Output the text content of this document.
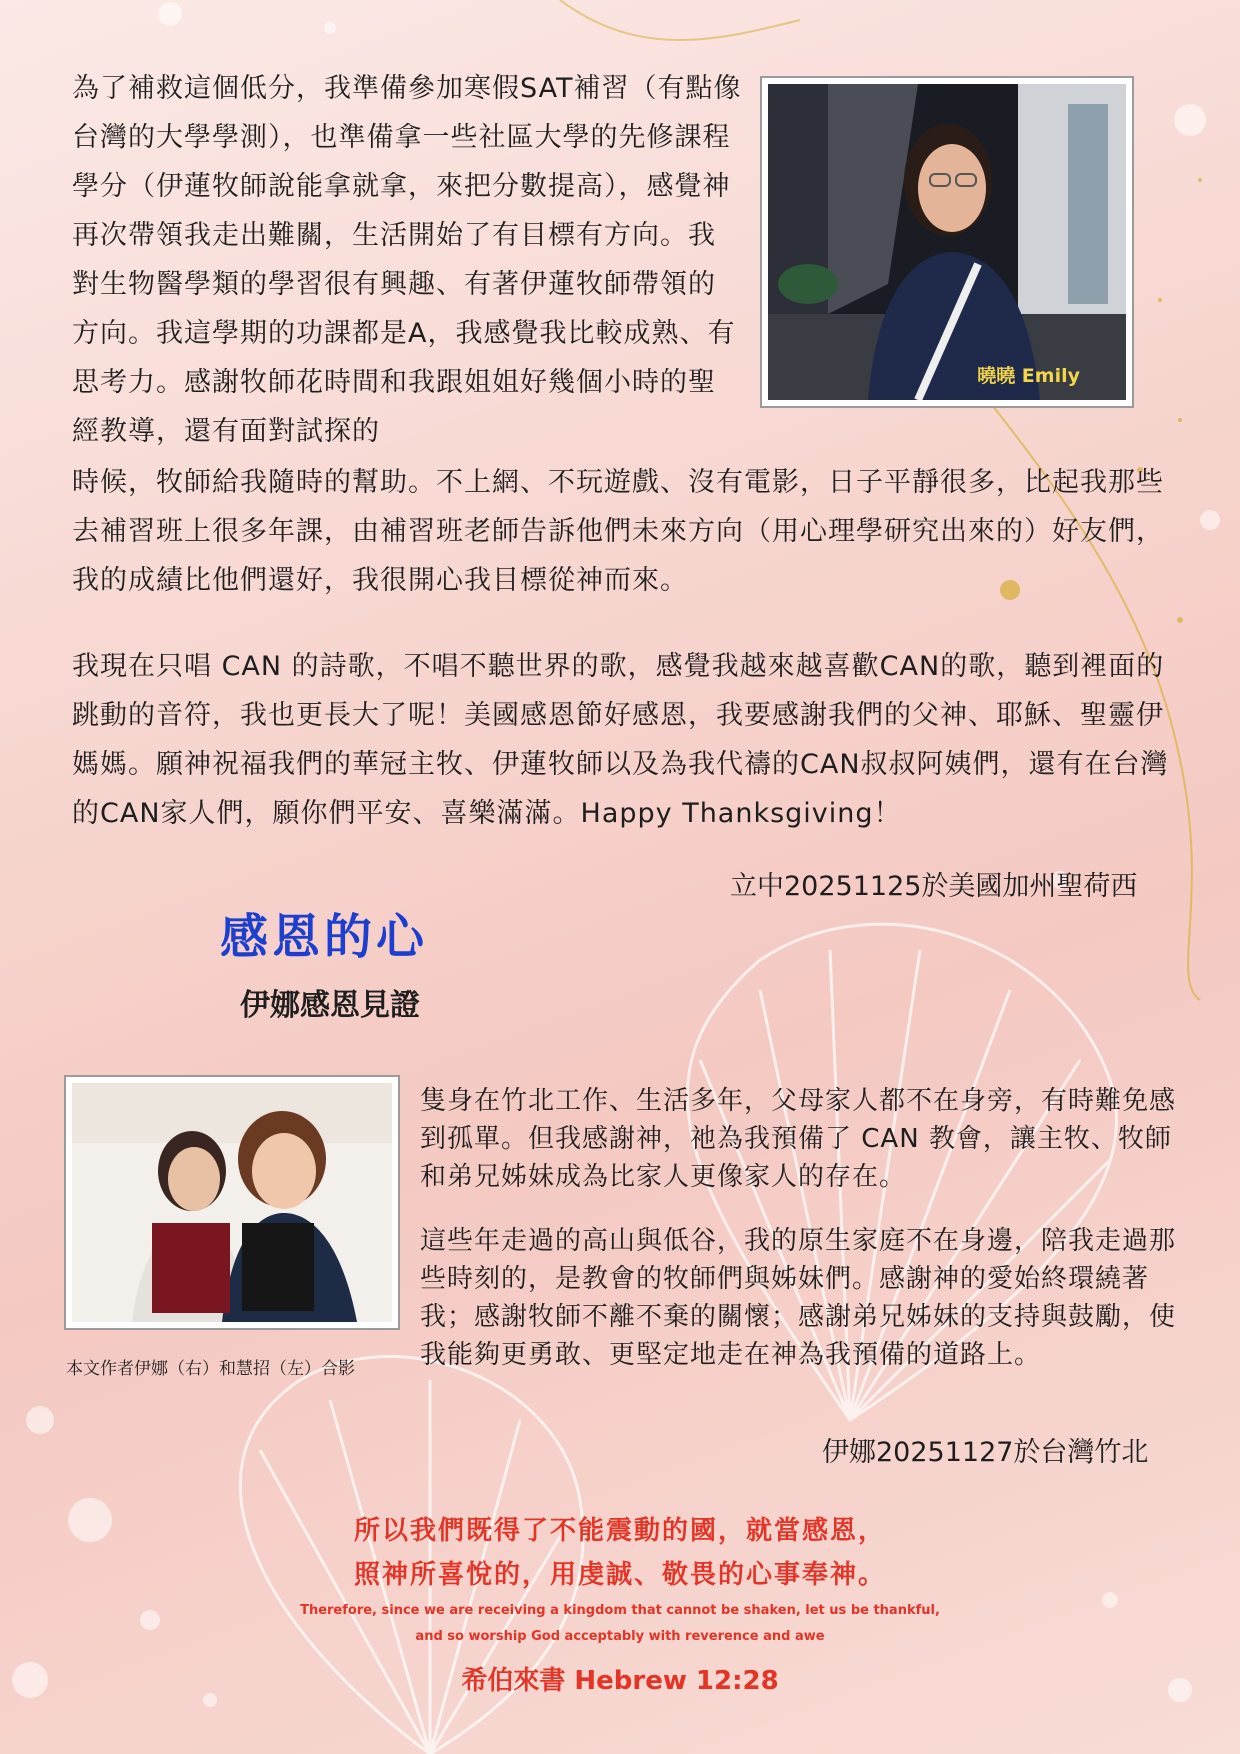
為了補救這個低分，我準備參加寒假SAT補習（有點像台灣的大學學測），也準備拿一些社區大學的先修課程學分（伊蓮牧師說能拿就拿，來把分數提高），感覺神再次帶領我走出難關，生活開始了有目標有方向。我對生物醫學類的學習很有興趣、有著伊蓮牧師帶領的方向。我這學期的功課都是A，我感覺我比較成熟、有思考力。感謝牧師花時間和我跟姐姐好幾個小時的聖經教導，還有面對試探的

曉曉 Emily

時候，牧師給我隨時的幫助。不上網、不玩遊戲、沒有電影，日子平靜很多，比起我那些去補習班上很多年課，由補習班老師告訴他們未來方向（用心理學研究出來的）好友們，我的成績比他們還好，我很開心我目標從神而來。

我現在只唱 CAN 的詩歌，不唱不聽世界的歌，感覺我越來越喜歡CAN的歌，聽到裡面的跳動的音符，我也更長大了呢！美國感恩節好感恩，我要感謝我們的父神、耶穌、聖靈伊媽媽。願神祝福我們的華冠主牧、伊蓮牧師以及為我代禱的CAN叔叔阿姨們，還有在台灣的CAN家人們，願你們平安、喜樂滿滿。Happy Thanksgiving！

立中20251125於美國加州聖荷西
感恩的心
伊娜感恩見證
本文作者伊娜（右）和慧招（左）合影

隻身在竹北工作、生活多年，父母家人都不在身旁，有時難免感到孤單。但我感謝神，祂為我預備了 CAN 教會，讓主牧、牧師和弟兄姊妹成為比家人更像家人的存在。

這些年走過的高山與低谷，我的原生家庭不在身邊，陪我走過那些時刻的，是教會的牧師們與姊妹們。感謝神的愛始終環繞著我；感謝牧師不離不棄的關懷；感謝弟兄姊妹的支持與鼓勵，使我能夠更勇敢、更堅定地走在神為我預備的道路上。

伊娜20251127於台灣竹北
所以我們既得了不能震動的國，就當感恩，
照神所喜悅的，用虔誠、敬畏的心事奉神。
Therefore, since we are receiving a kingdom that cannot be shaken, let us be thankful,
and so worship God acceptably with reverence and awe
希伯來書 Hebrew 12:28
